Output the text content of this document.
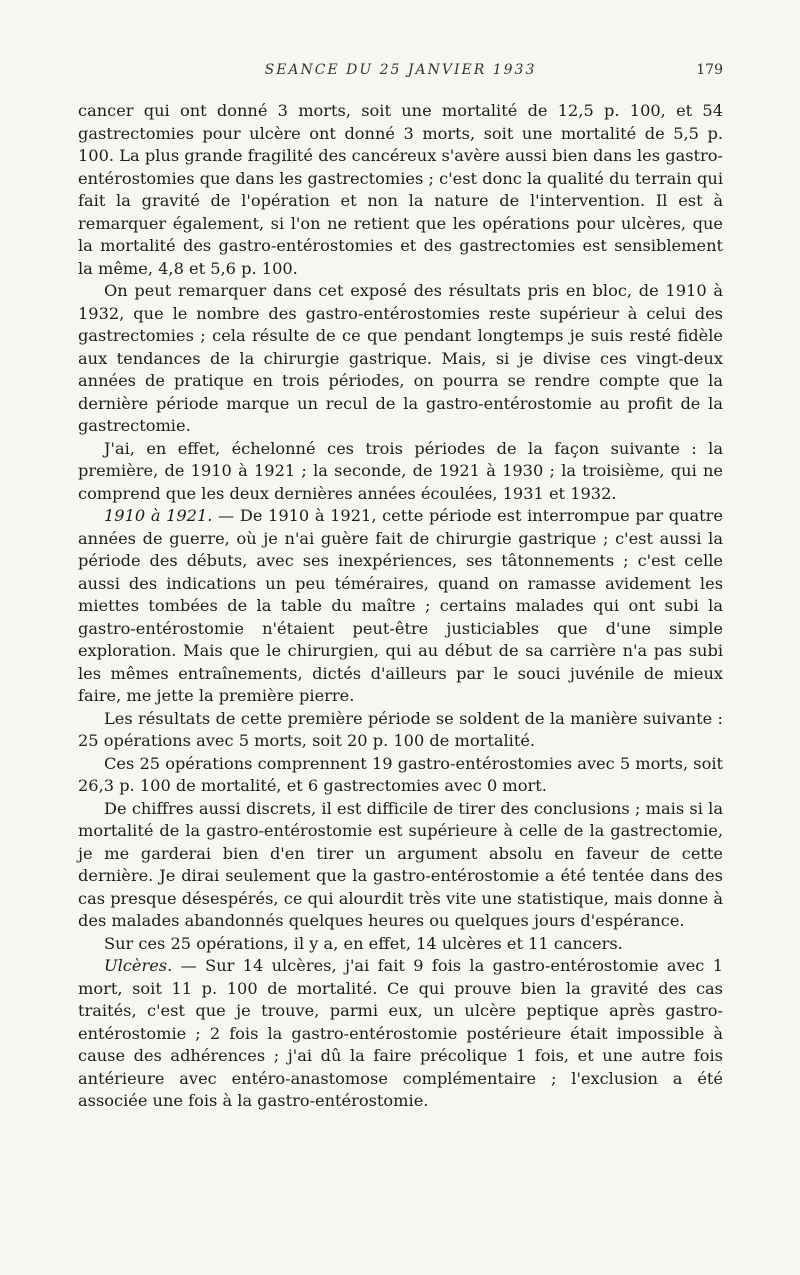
SEANCE DU 25 JANVIER 1933	179

cancer qui ont donné 3 morts, soit une mortalité de 12,5 p. 100, et 54 gastrectomies pour ulcère ont donné 3 morts, soit une mortalité de 5,5 p. 100. La plus grande fragilité des cancéreux s'avère aussi bien dans les gastro-entérostomies que dans les gastrectomies ; c'est donc la qualité du terrain qui fait la gravité de l'opération et non la nature de l'intervention. Il est à remarquer également, si l'on ne retient que les opérations pour ulcères, que la mortalité des gastro-entérostomies et des gastrectomies est sensiblement la même, 4,8 et 5,6 p. 100.

On peut remarquer dans cet exposé des résultats pris en bloc, de 1910 à 1932, que le nombre des gastro-entérostomies reste supérieur à celui des gastrectomies ; cela résulte de ce que pendant longtemps je suis resté fidèle aux tendances de la chirurgie gastrique. Mais, si je divise ces vingt-deux années de pratique en trois périodes, on pourra se rendre compte que la dernière période marque un recul de la gastro-entérostomie au profit de la gastrectomie.

J'ai, en effet, échelonné ces trois périodes de la façon suivante : la première, de 1910 à 1921 ; la seconde, de 1921 à 1930 ; la troisième, qui ne comprend que les deux dernières années écoulées, 1931 et 1932.

1910 à 1921. — De 1910 à 1921, cette période est interrompue par quatre années de guerre, où je n'ai guère fait de chirurgie gastrique ; c'est aussi la période des débuts, avec ses inexpériences, ses tâtonnements ; c'est celle aussi des indications un peu téméraires, quand on ramasse avidement les miettes tombées de la table du maître ; certains malades qui ont subi la gastro-entérostomie n'étaient peut-être justiciables que d'une simple exploration. Mais que le chirurgien, qui au début de sa carrière n'a pas subi les mêmes entraînements, dictés d'ailleurs par le souci juvénile de mieux faire, me jette la première pierre.

Les résultats de cette première période se soldent de la manière suivante : 25 opérations avec 5 morts, soit 20 p. 100 de mortalité.

Ces 25 opérations comprennent 19 gastro-entérostomies avec 5 morts, soit 26,3 p. 100 de mortalité, et 6 gastrectomies avec 0 mort.

De chiffres aussi discrets, il est difficile de tirer des conclusions ; mais si la mortalité de la gastro-entérostomie est supérieure à celle de la gastrectomie, je me garderai bien d'en tirer un argument absolu en faveur de cette dernière. Je dirai seulement que la gastro-entérostomie a été tentée dans des cas presque désespérés, ce qui alourdit très vite une statistique, mais donne à des malades abandonnés quelques heures ou quelques jours d'espérance.

Sur ces 25 opérations, il y a, en effet, 14 ulcères et 11 cancers.

Ulcères. — Sur 14 ulcères, j'ai fait 9 fois la gastro-entérostomie avec 1 mort, soit 11 p. 100 de mortalité. Ce qui prouve bien la gravité des cas traités, c'est que je trouve, parmi eux, un ulcère peptique après gastro-entérostomie ; 2 fois la gastro-entérostomie postérieure était impossible à cause des adhérences ; j'ai dû la faire précolique 1 fois, et une autre fois antérieure avec entéro-anastomose complémentaire ; l'exclusion a été associée une fois à la gastro-entérostomie.
